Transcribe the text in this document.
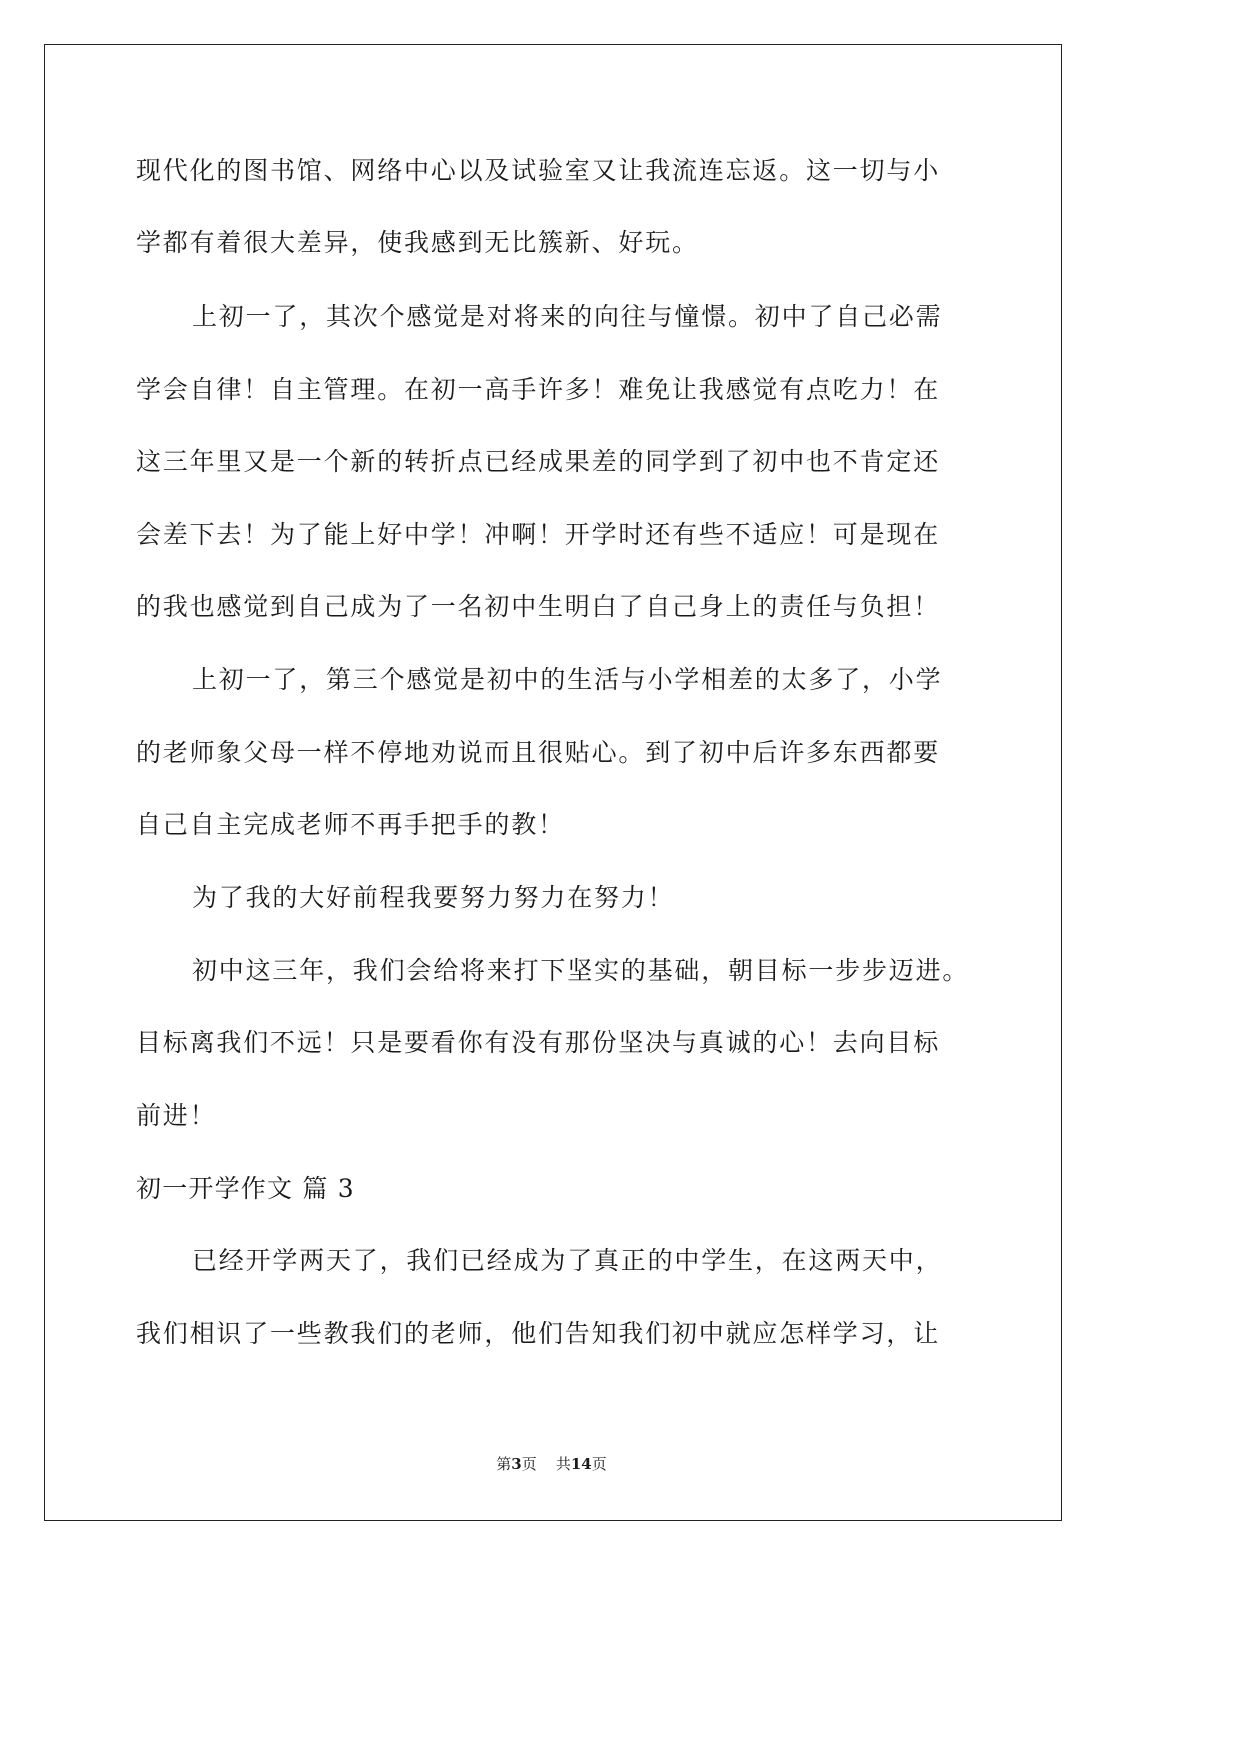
现代化的图书馆、网络中心以及试验室又让我流连忘返。这一切与小

学都有着很大差异，使我感到无比簇新、好玩。

上初一了，其次个感觉是对将来的向往与憧憬。初中了自己必需

学会自律！自主管理。在初一高手许多！难免让我感觉有点吃力！在

这三年里又是一个新的转折点已经成果差的同学到了初中也不肯定还

会差下去！为了能上好中学！冲啊！开学时还有些不适应！可是现在

的我也感觉到自己成为了一名初中生明白了自己身上的责任与负担！

上初一了，第三个感觉是初中的生活与小学相差的太多了，小学

的老师象父母一样不停地劝说而且很贴心。到了初中后许多东西都要

自己自主完成老师不再手把手的教！

为了我的大好前程我要努力努力在努力！

初中这三年，我们会给将来打下坚实的基础，朝目标一步步迈进。

目标离我们不远！只是要看你有没有那份坚决与真诚的心！去向目标

前进！

初一开学作文 篇 3

已经开学两天了，我们已经成为了真正的中学生，在这两天中，

我们相识了一些教我们的老师，他们告知我们初中就应怎样学习，让

第3页 共14页
